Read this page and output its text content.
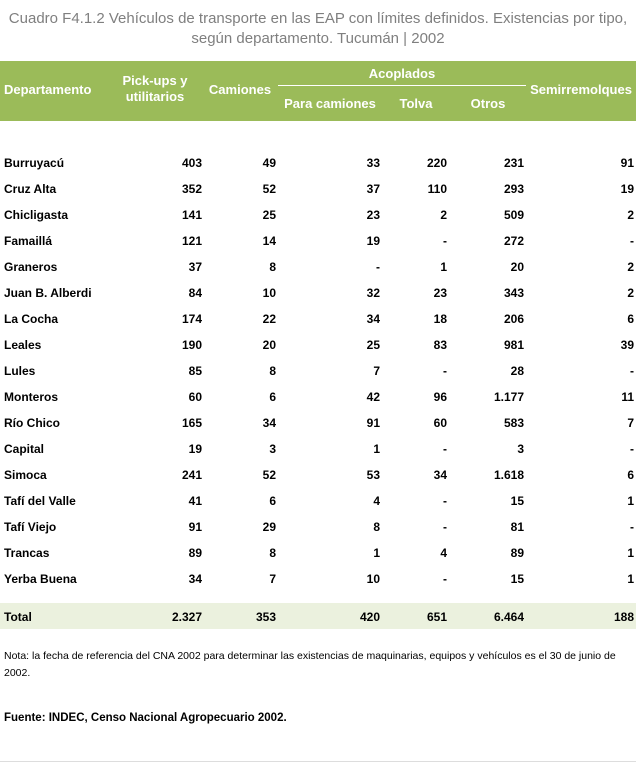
Cuadro F4.1.2 Vehículos de transporte en las EAP con límites definidos. Existencias por tipo,
según departamento. Tucumán | 2002
Departamento
Pick-ups y utilitarios	Camiones
Acoplados
Para camiones	Tolva	Otros
Semirremolques
Burruyacú	403	49	33	220	231	91
Cruz Alta	352	52	37	110	293	19
Chicligasta	141	25	23	2	509	2
Famaillá	121	14	19	-	272	-
Graneros	37	8	-	1	20	2
Juan B. Alberdi	84	10	32	23	343	2
La Cocha	174	22	34	18	206	6
Leales	190	20	25	83	981	39
Lules	85	8	7	-	28	-
Monteros	60	6	42	96	1.177	11
Río Chico	165	34	91	60	583	7
Capital	19	3	1	-	3	-
Simoca	241	52	53	34	1.618	6
Tafí del Valle	41	6	4	-	15	1
Tafí Viejo	91	29	8	-	81	-
Trancas	89	8	1	4	89	1
Yerba Buena	34	7	10	-	15	1
Total	2.327	353	420	651	6.464	188
Nota: la fecha de referencia del CNA 2002 para determinar las existencias de maquinarias, equipos y vehículos es el 30 de junio de 2002.
Fuente: INDEC, Censo Nacional Agropecuario 2002.
